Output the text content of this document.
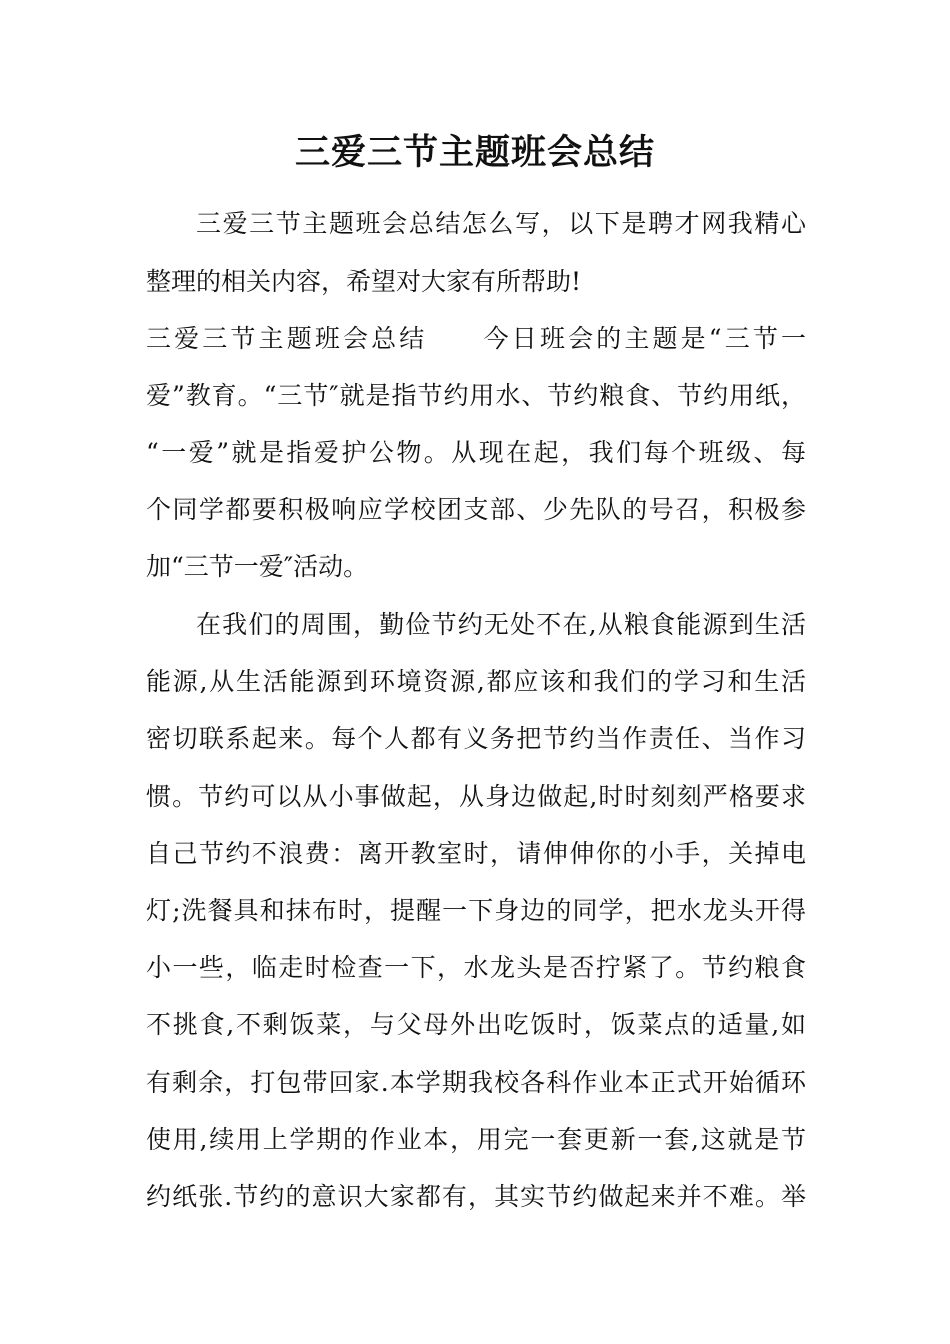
三爱三节主题班会总结
三爱三节主题班会总结怎么写，以下是聘才网我精心
整理的相关内容，希望对大家有所帮助!
三爱三节主题班会总结　　今日班会的主题是“三节一
爱”教育。“三节″就是指节约用水、节约粮食、节约用纸，
“一爱”就是指爱护公物。从现在起，我们每个班级、每
个同学都要积极响应学校团支部、少先队的号召，积极参
加“三节一爱″活动。
在我们的周围，勤俭节约无处不在,从粮食能源到生活
能源,从生活能源到环境资源,都应该和我们的学习和生活
密切联系起来。每个人都有义务把节约当作责任、当作习
惯。节约可以从小事做起，从身边做起,时时刻刻严格要求
自己节约不浪费：离开教室时，请伸伸你的小手，关掉电
灯;洗餐具和抹布时，提醒一下身边的同学，把水龙头开得
小一些，临走时检查一下，水龙头是否拧紧了。节约粮食
不挑食,不剩饭菜，与父母外出吃饭时，饭菜点的适量,如
有剩余，打包带回家.本学期我校各科作业本正式开始循环
使用,续用上学期的作业本，用完一套更新一套,这就是节
约纸张.节约的意识大家都有，其实节约做起来并不难。举
